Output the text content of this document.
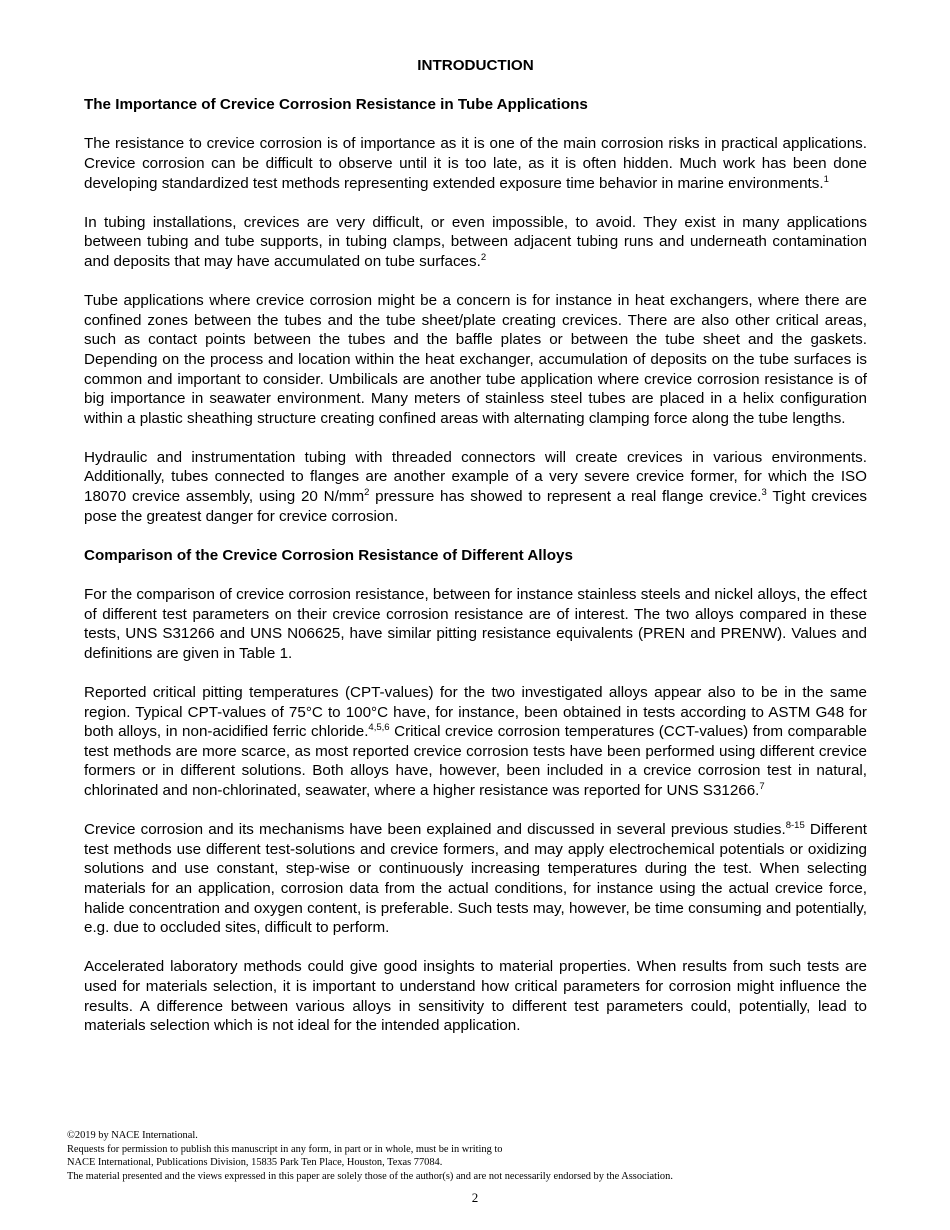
INTRODUCTION
The Importance of Crevice Corrosion Resistance in Tube Applications

The resistance to crevice corrosion is of importance as it is one of the main corrosion risks in practical applications. Crevice corrosion can be difficult to observe until it is too late, as it is often hidden. Much work has been done developing standardized test methods representing extended exposure time behavior in marine environments.$^1$

In tubing installations, crevices are very difficult, or even impossible, to avoid. They exist in many applications between tubing and tube supports, in tubing clamps, between adjacent tubing runs and underneath contamination and deposits that may have accumulated on tube surfaces.$^2$

Tube applications where crevice corrosion might be a concern is for instance in heat exchangers, where there are confined zones between the tubes and the tube sheet/plate creating crevices. There are also other critical areas, such as contact points between the tubes and the baffle plates or between the tube sheet and the gaskets. Depending on the process and location within the heat exchanger, accumulation of deposits on the tube surfaces is common and important to consider. Umbilicals are another tube application where crevice corrosion resistance is of big importance in seawater environment. Many meters of stainless steel tubes are placed in a helix configuration within a plastic sheathing structure creating confined areas with alternating clamping force along the tube lengths.

Hydraulic and instrumentation tubing with threaded connectors will create crevices in various environments. Additionally, tubes connected to flanges are another example of a very severe crevice former, for which the ISO 18070 crevice assembly, using 20 $N/mm^2$ pressure has showed to represent a real flange crevice.$^3$ Tight crevices pose the greatest danger for crevice corrosion.

Comparison of the Crevice Corrosion Resistance of Different Alloys

For the comparison of crevice corrosion resistance, between for instance stainless steels and nickel alloys, the effect of different test parameters on their crevice corrosion resistance are of interest. The two alloys compared in these tests, UNS S31266 and UNS N06625, have similar pitting resistance equivalents (PREN and PRENW). Values and definitions are given in Table 1.

Reported critical pitting temperatures (CPT-values) for the two investigated alloys appear also to be in the same region. Typical CPT-values of 75°C to 100°C have, for instance, been obtained in tests according to ASTM G48 for both alloys, in non-acidified ferric chloride.$^{4,5,6}$ Critical crevice corrosion temperatures (CCT-values) from comparable test methods are more scarce, as most reported crevice corrosion tests have been performed using different crevice formers or in different solutions. Both alloys have, however, been included in a crevice corrosion test in natural, chlorinated and non-chlorinated, seawater, where a higher resistance was reported for UNS S31266.$^7$

Crevice corrosion and its mechanisms have been explained and discussed in several previous studies.$^{8-15}$ Different test methods use different test-solutions and crevice formers, and may apply electrochemical potentials or oxidizing solutions and use constant, step-wise or continuously increasing temperatures during the test. When selecting materials for an application, corrosion data from the actual conditions, for instance using the actual crevice force, halide concentration and oxygen content, is preferable. Such tests may, however, be time consuming and potentially, e.g. due to occluded sites, difficult to perform.

Accelerated laboratory methods could give good insights to material properties. When results from such tests are used for materials selection, it is important to understand how critical parameters for corrosion might influence the results. A difference between various alloys in sensitivity to different test parameters could, potentially, lead to materials selection which is not ideal for the intended application.

©2019 by NACE International.
Requests for permission to publish this manuscript in any form, in part or in whole, must be in writing to
NACE International, Publications Division, 15835 Park Ten Place, Houston, Texas 77084.
The material presented and the views expressed in this paper are solely those of the author(s) and are not necessarily endorsed by the Association.
2
